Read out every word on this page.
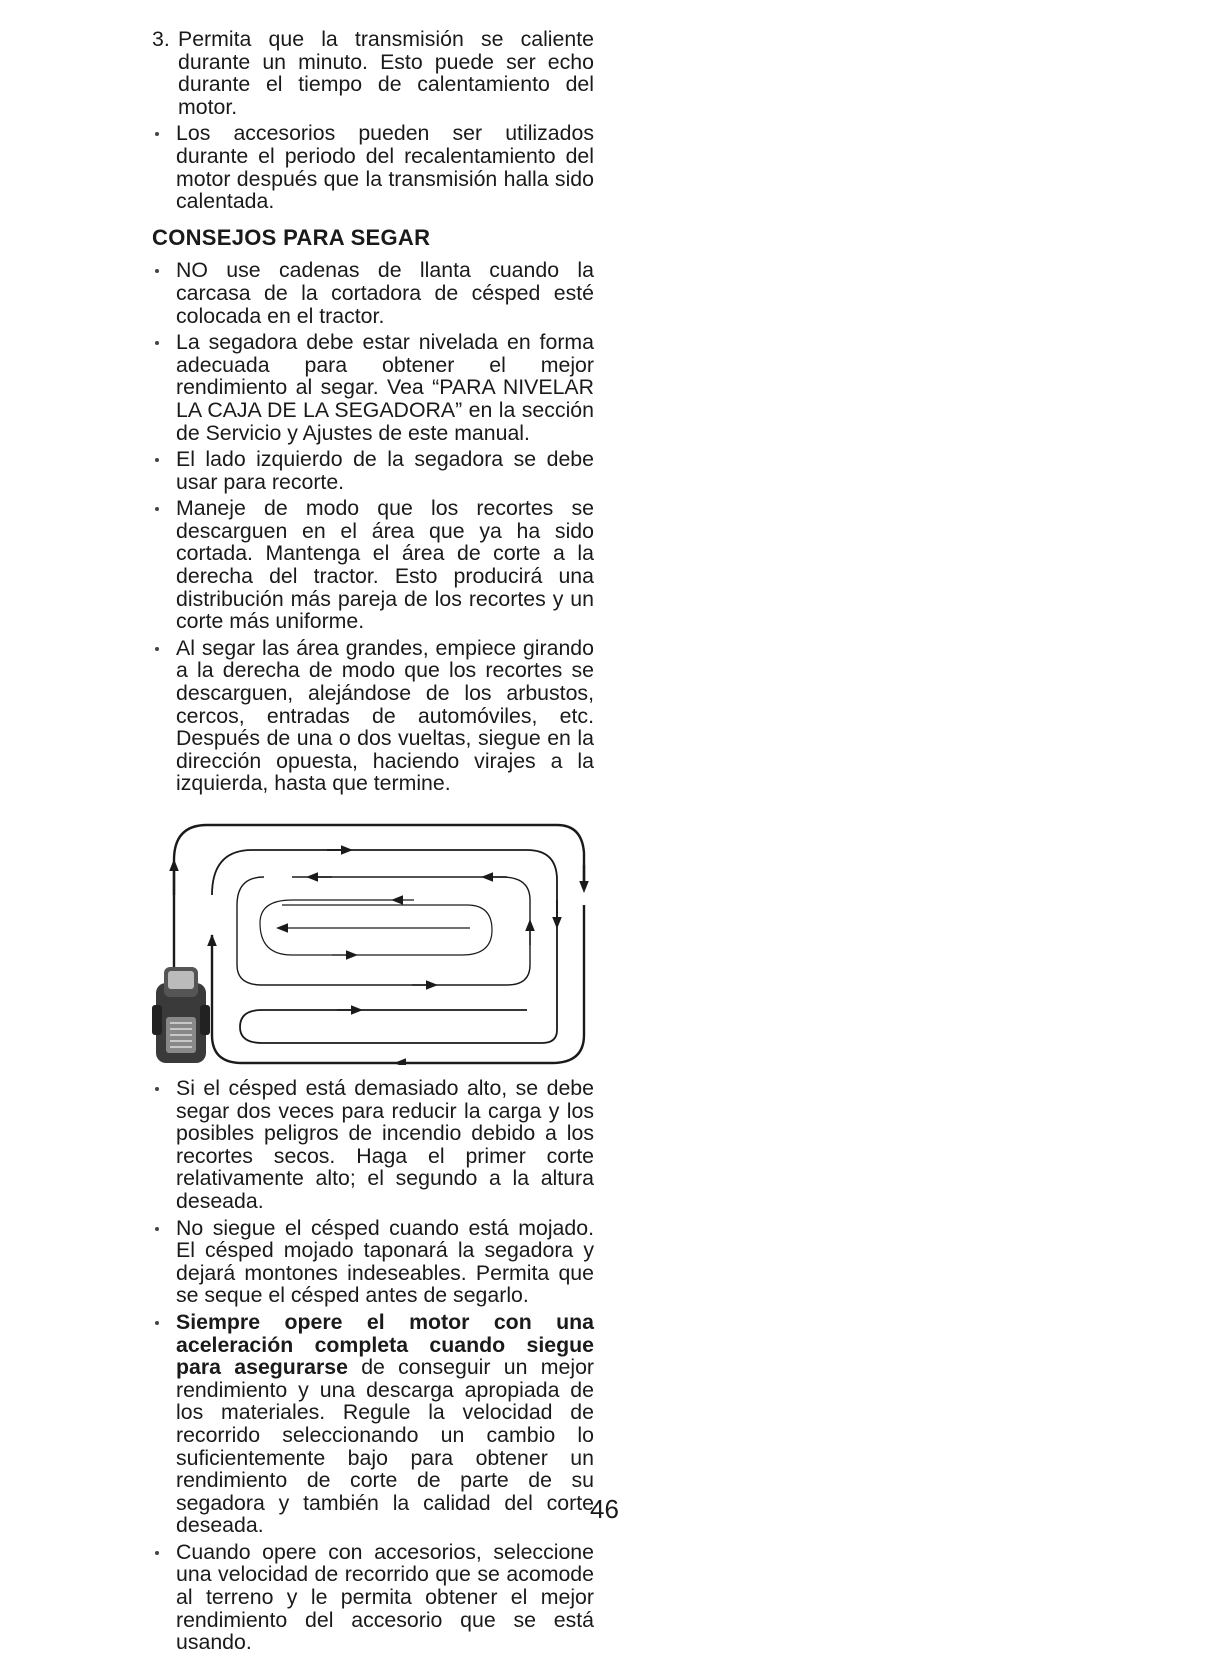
3. Permita que la transmisión se caliente durante un minuto. Esto puede ser echo durante el tiempo de calentamiento del motor.
Los accesorios pueden ser utilizados durante el periodo del recalentamiento del motor después que la transmisión halla sido calentada.
CONSEJOS PARA SEGAR
NO use cadenas de llanta cuando la carcasa de la cortadora de césped esté colocada en el tractor.
La segadora debe estar nivelada en forma adecuada para obtener el mejor rendimiento al segar. Vea “PARA NIVELAR LA CAJA DE LA SEGADORA” en la sección de Servicio y Ajustes de este manual.
El lado izquierdo de la segadora se debe usar para recorte.
Maneje de modo que los recortes se descarguen en el área que ya ha sido cortada. Mantenga el área de corte a la derecha del tractor. Esto producirá una distribución más pareja de los recortes y un corte más uniforme.
Al segar las área grandes, empiece girando a la derecha de modo que los recortes se descarguen, alejándose de los arbustos, cercos, entradas de automóviles, etc. Después de una o dos vueltas, siegue en la dirección opuesta, haciendo virajes a la izquierda, hasta que termine.
Si el césped está demasiado alto, se debe segar dos veces para reducir la carga y los posibles peligros de incendio debido a los recortes secos. Haga el primer corte relativamente alto; el segundo a la altura deseada.
No siegue el césped cuando está mojado. El césped mojado taponará la segadora y dejará montones indeseables. Permita que se seque el césped antes de segarlo.
Siempre opere el motor con una aceleración completa cuando siegue para asegurarse de conseguir un mejor rendimiento y una descarga apropiada de los materiales. Regule la velocidad de recorrido seleccionando un cambio lo suficientemente bajo para obtener un rendimiento de corte de parte de su segadora y también la calidad del corte deseada.
Cuando opere con accesorios, seleccione una velocidad de recorrido que se acomode al terreno y le permita obtener el mejor rendimiento del accesorio que se está usando.
46
